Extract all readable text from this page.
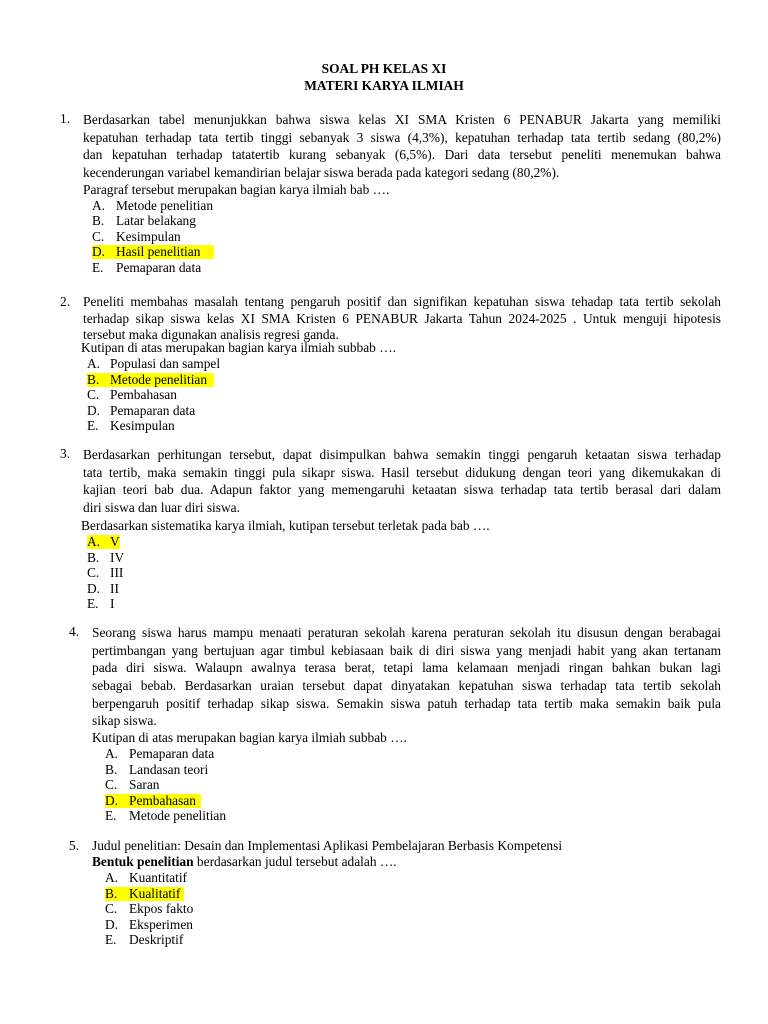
SOAL PH KELAS XI
MATERI KARYA ILMIAH
1. Berdasarkan tabel menunjukkan bahwa siswa kelas XI SMA Kristen 6 PENABUR Jakarta yang memiliki
kepatuhan terhadap tata tertib tinggi sebanyak 3 siswa (4,3%), kepatuhan terhadap tata tertib sedang (80,2%)
dan kepatuhan terhadap tatatertib kurang sebanyak (6,5%). Dari data tersebut peneliti menemukan bahwa
kecenderungan variabel kemandirian belajar siswa berada pada kategori sedang (80,2%).
Paragraf tersebut merupakan bagian karya ilmiah bab ….
A. Metode penelitian
B. Latar belakang
C. Kesimpulan
D. Hasil penelitian
E. Pemaparan data
2. Peneliti membahas masalah tentang pengaruh positif dan signifikan kepatuhan siswa tehadap tata tertib sekolah
terhadap sikap siswa kelas XI SMA Kristen 6 PENABUR Jakarta Tahun 2024-2025 . Untuk menguji hipotesis
tersebut maka digunakan analisis regresi ganda.
Kutipan di atas merupakan bagian karya ilmiah subbab ….
A. Populasi dan sampel
B. Metode penelitian
C. Pembahasan
D. Pemaparan data
E. Kesimpulan
3. Berdasarkan perhitungan tersebut, dapat disimpulkan bahwa semakin tinggi pengaruh ketaatan siswa terhadap
tata tertib, maka semakin tinggi pula sikapr siswa. Hasil tersebut didukung dengan teori yang dikemukakan di
kajian teori bab dua. Adapun faktor yang memengaruhi ketaatan siswa terhadap tata tertib berasal dari dalam
diri siswa dan luar diri siswa.
Berdasarkan sistematika karya ilmiah, kutipan tersebut terletak pada bab ….
A. V
B. IV
C. III
D. II
E. I
4. Seorang siswa harus mampu menaati peraturan sekolah karena peraturan sekolah itu disusun dengan berabagai
pertimbangan yang bertujuan agar timbul kebiasaan baik di diri siswa yang menjadi habit yang akan tertanam
pada diri siswa. Walaupn awalnya terasa berat, tetapi lama kelamaan menjadi ringan bahkan bukan lagi
sebagai bebab. Berdasarkan uraian tersebut dapat dinyatakan kepatuhan siswa terhadap tata tertib sekolah
berpengaruh positif terhadap sikap siswa. Semakin siswa patuh terhadap tata tertib maka semakin baik pula
sikap siswa.
Kutipan di atas merupakan bagian karya ilmiah subbab ….
A. Pemaparan data
B. Landasan teori
C. Saran
D. Pembahasan
E. Metode penelitian
5. Judul penelitian: Desain dan Implementasi Aplikasi Pembelajaran Berbasis Kompetensi
Bentuk penelitian berdasarkan judul tersebut adalah ….
A. Kuantitatif
B. Kualitatif
C. Ekpos fakto
D. Eksperimen
E. Deskriptif
